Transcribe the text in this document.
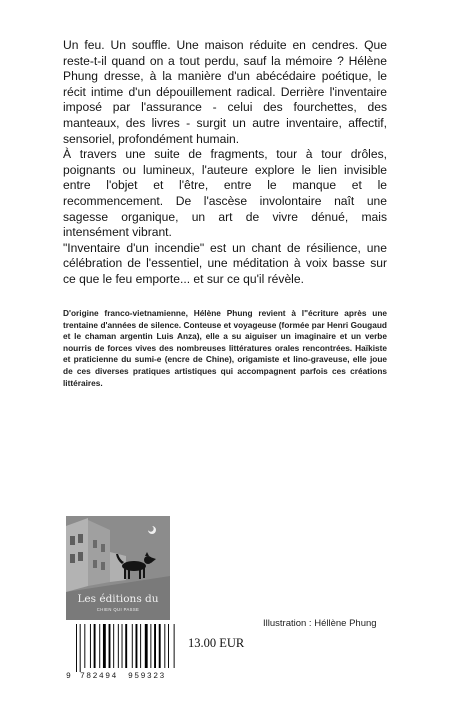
Un feu. Un souffle. Une maison réduite en cendres. Que reste-t-il quand on a tout perdu, sauf la mémoire ? Hélène Phung dresse, à la manière d'un abécédaire poétique, le récit intime d'un dépouillement radical. Derrière l'inventaire imposé par l'assurance - celui des fourchettes, des manteaux, des livres - surgit un autre inventaire, affectif, sensoriel, profondément humain.

À travers une suite de fragments, tour à tour drôles, poignants ou lumineux, l'auteure explore le lien invisible entre l'objet et l'être, entre le manque et le recommencement. De l'ascèse involontaire naît une sagesse organique, un art de vivre dénué, mais intensément vibrant.

"Inventaire d'un incendie" est un chant de résilience, une célébration de l'essentiel, une méditation à voix basse sur ce que le feu emporte... et sur ce qu'il révèle.

D'origine franco-vietnamienne, Hélène Phung revient à l"écriture après une trentaine d'années de silence. Conteuse et voyageuse (formée par Henri Gougaud et le chaman argentin Luis Anza), elle a su aiguiser un imaginaire et un verbe nourris de forces vives des nombreuses littératures orales rencontrées. Haïkiste et praticienne du sumi-e (encre de Chine), origamiste et lino-graveuse, elle joue de ces diverses pratiques artistiques qui accompagnent parfois ces créations littéraires.

Les éditions du
CHIEN QUI PASSE
Illustration : Héllène Phung
9 782494 959323
13.00 EUR
